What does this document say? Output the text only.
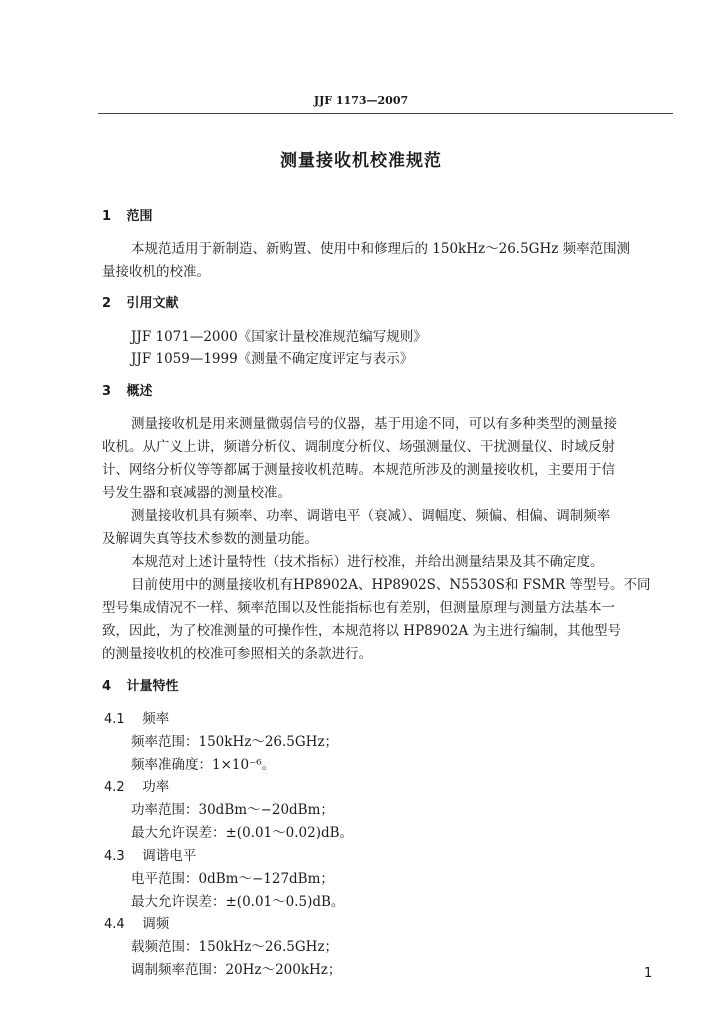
JJF 1173—2007
测量接收机校准规范
1 范围
本规范适用于新制造、新购置、使用中和修理后的 150kHz～26.5GHz 频率范围测
量接收机的校准。
2 引用文献
JJF 1071—2000《国家计量校准规范编写规则》
JJF 1059—1999《测量不确定度评定与表示》
3 概述
测量接收机是用来测量微弱信号的仪器，基于用途不同，可以有多种类型的测量接
收机。从广义上讲，频谱分析仪、调制度分析仪、场强测量仪、干扰测量仪、时域反射
计、网络分析仪等等都属于测量接收机范畴。本规范所涉及的测量接收机，主要用于信
号发生器和衰减器的测量校准。
测量接收机具有频率、功率、调谐电平（衰减）、调幅度、频偏、相偏、调制频率
及解调失真等技术参数的测量功能。
本规范对上述计量特性（技术指标）进行校准，并给出测量结果及其不确定度。
目前使用中的测量接收机有HP8902A、HP8902S、N5530S和 FSMR 等型号。不同
型号集成情况不一样、频率范围以及性能指标也有差别，但测量原理与测量方法基本一
致，因此，为了校准测量的可操作性，本规范将以 HP8902A 为主进行编制，其他型号
的测量接收机的校准可参照相关的条款进行。
4 计量特性
4.1 频率
频率范围：150kHz～26.5GHz；
频率准确度：1×10⁻⁶。
4.2 功率
功率范围：30dBm～−20dBm；
最大允许误差：±(0.01～0.02)dB。
4.3 调谐电平
电平范围：0dBm～−127dBm；
最大允许误差：±(0.01～0.5)dB。
4.4 调频
载频范围：150kHz～26.5GHz；
调制频率范围：20Hz～200kHz；	1
